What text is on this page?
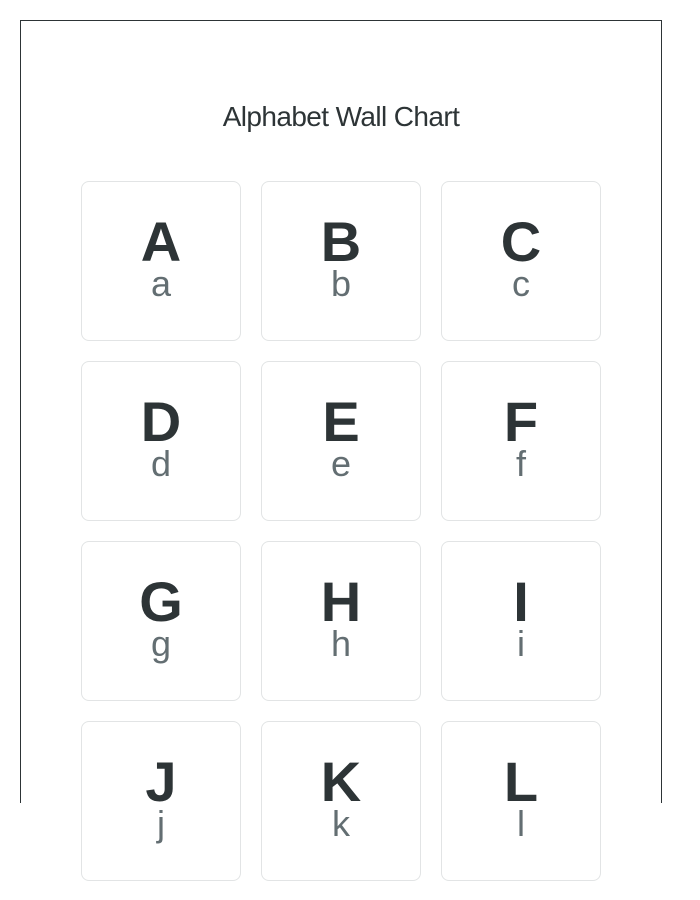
Alphabet Wall Chart
A
a
B
b
C
c
D
d
E
e
F
f
G
g
H
h
I
i
J
j
K
k
L
l
